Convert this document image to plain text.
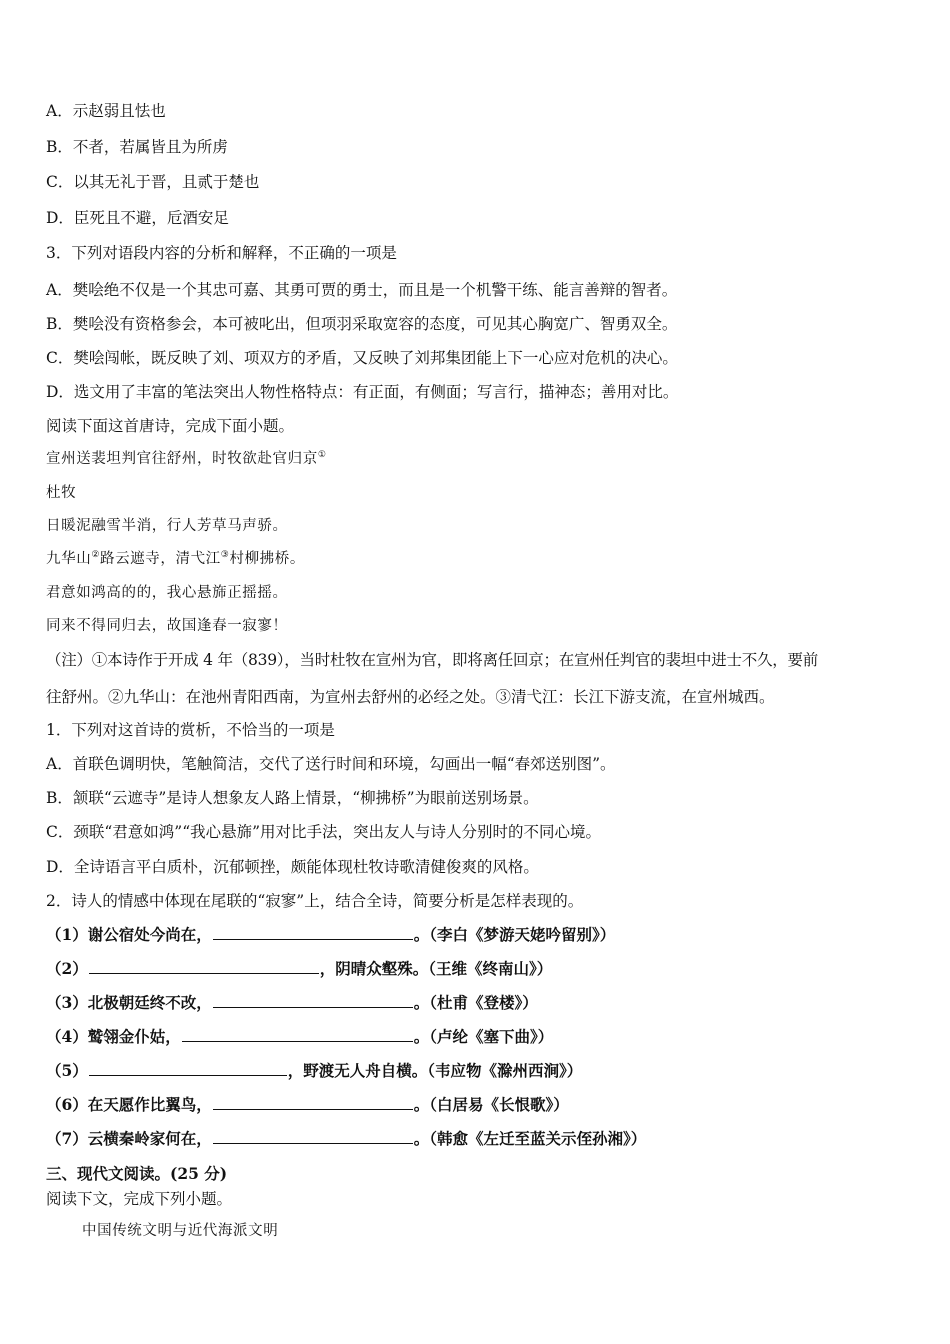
A．示赵弱且怯也
B．不者，若属皆且为所虏
C．以其无礼于晋，且贰于楚也
D．臣死且不避，卮酒安足
3．下列对语段内容的分析和解释，不正确的一项是
A．樊哙绝不仅是一个其忠可嘉、其勇可贾的勇士，而且是一个机警干练、能言善辩的智者。
B．樊哙没有资格参会，本可被叱出，但项羽采取宽容的态度，可见其心胸宽广、智勇双全。
C．樊哙闯帐，既反映了刘、项双方的矛盾，又反映了刘邦集团能上下一心应对危机的决心。
D．选文用了丰富的笔法突出人物性格特点：有正面，有侧面；写言行，描神态；善用对比。
阅读下面这首唐诗，完成下面小题。
宣州送裴坦判官往舒州，时牧欲赴官归京①
杜牧
日暖泥融雪半消，行人芳草马声骄。
九华山②路云遮寺，清弋江③村柳拂桥。
君意如鸿高的的，我心悬旆正摇摇。
同来不得同归去，故国逢春一寂寥！
（注）①本诗作于开成 4 年（839），当时杜牧在宣州为官，即将离任回京；在宣州任判官的裴坦中进士不久，要前
往舒州。②九华山：在池州青阳西南，为宣州去舒州的必经之处。③清弋江：长江下游支流，在宣州城西。
1．下列对这首诗的赏析，不恰当的一项是
A．首联色调明快，笔触简洁，交代了送行时间和环境，勾画出一幅“春郊送别图”。
B．颔联“云遮寺”是诗人想象友人路上情景，“柳拂桥”为眼前送别场景。
C．颈联“君意如鸿”“我心悬旆”用对比手法，突出友人与诗人分别时的不同心境。
D．全诗语言平白质朴，沉郁顿挫，颇能体现杜牧诗歌清健俊爽的风格。
2．诗人的情感中体现在尾联的“寂寥”上，结合全诗，简要分析是怎样表现的。
（1）谢公宿处今尚在，	。（李白《梦游天姥吟留别》）
（2）	，阴晴众壑殊。（王维《终南山》）
（3）北极朝廷终不改，	。（杜甫《登楼》）
（4）鹫翎金仆姑，	。（卢纶《塞下曲》）
（5）	，野渡无人舟自横。（韦应物《滁州西涧》）
（6）在天愿作比翼鸟，	。（白居易《长恨歌》）
（7）云横秦岭家何在，	。（韩愈《左迁至蓝关示侄孙湘》）
三、现代文阅读。(25 分)
阅读下文，完成下列小题。
中国传统文明与近代海派文明
